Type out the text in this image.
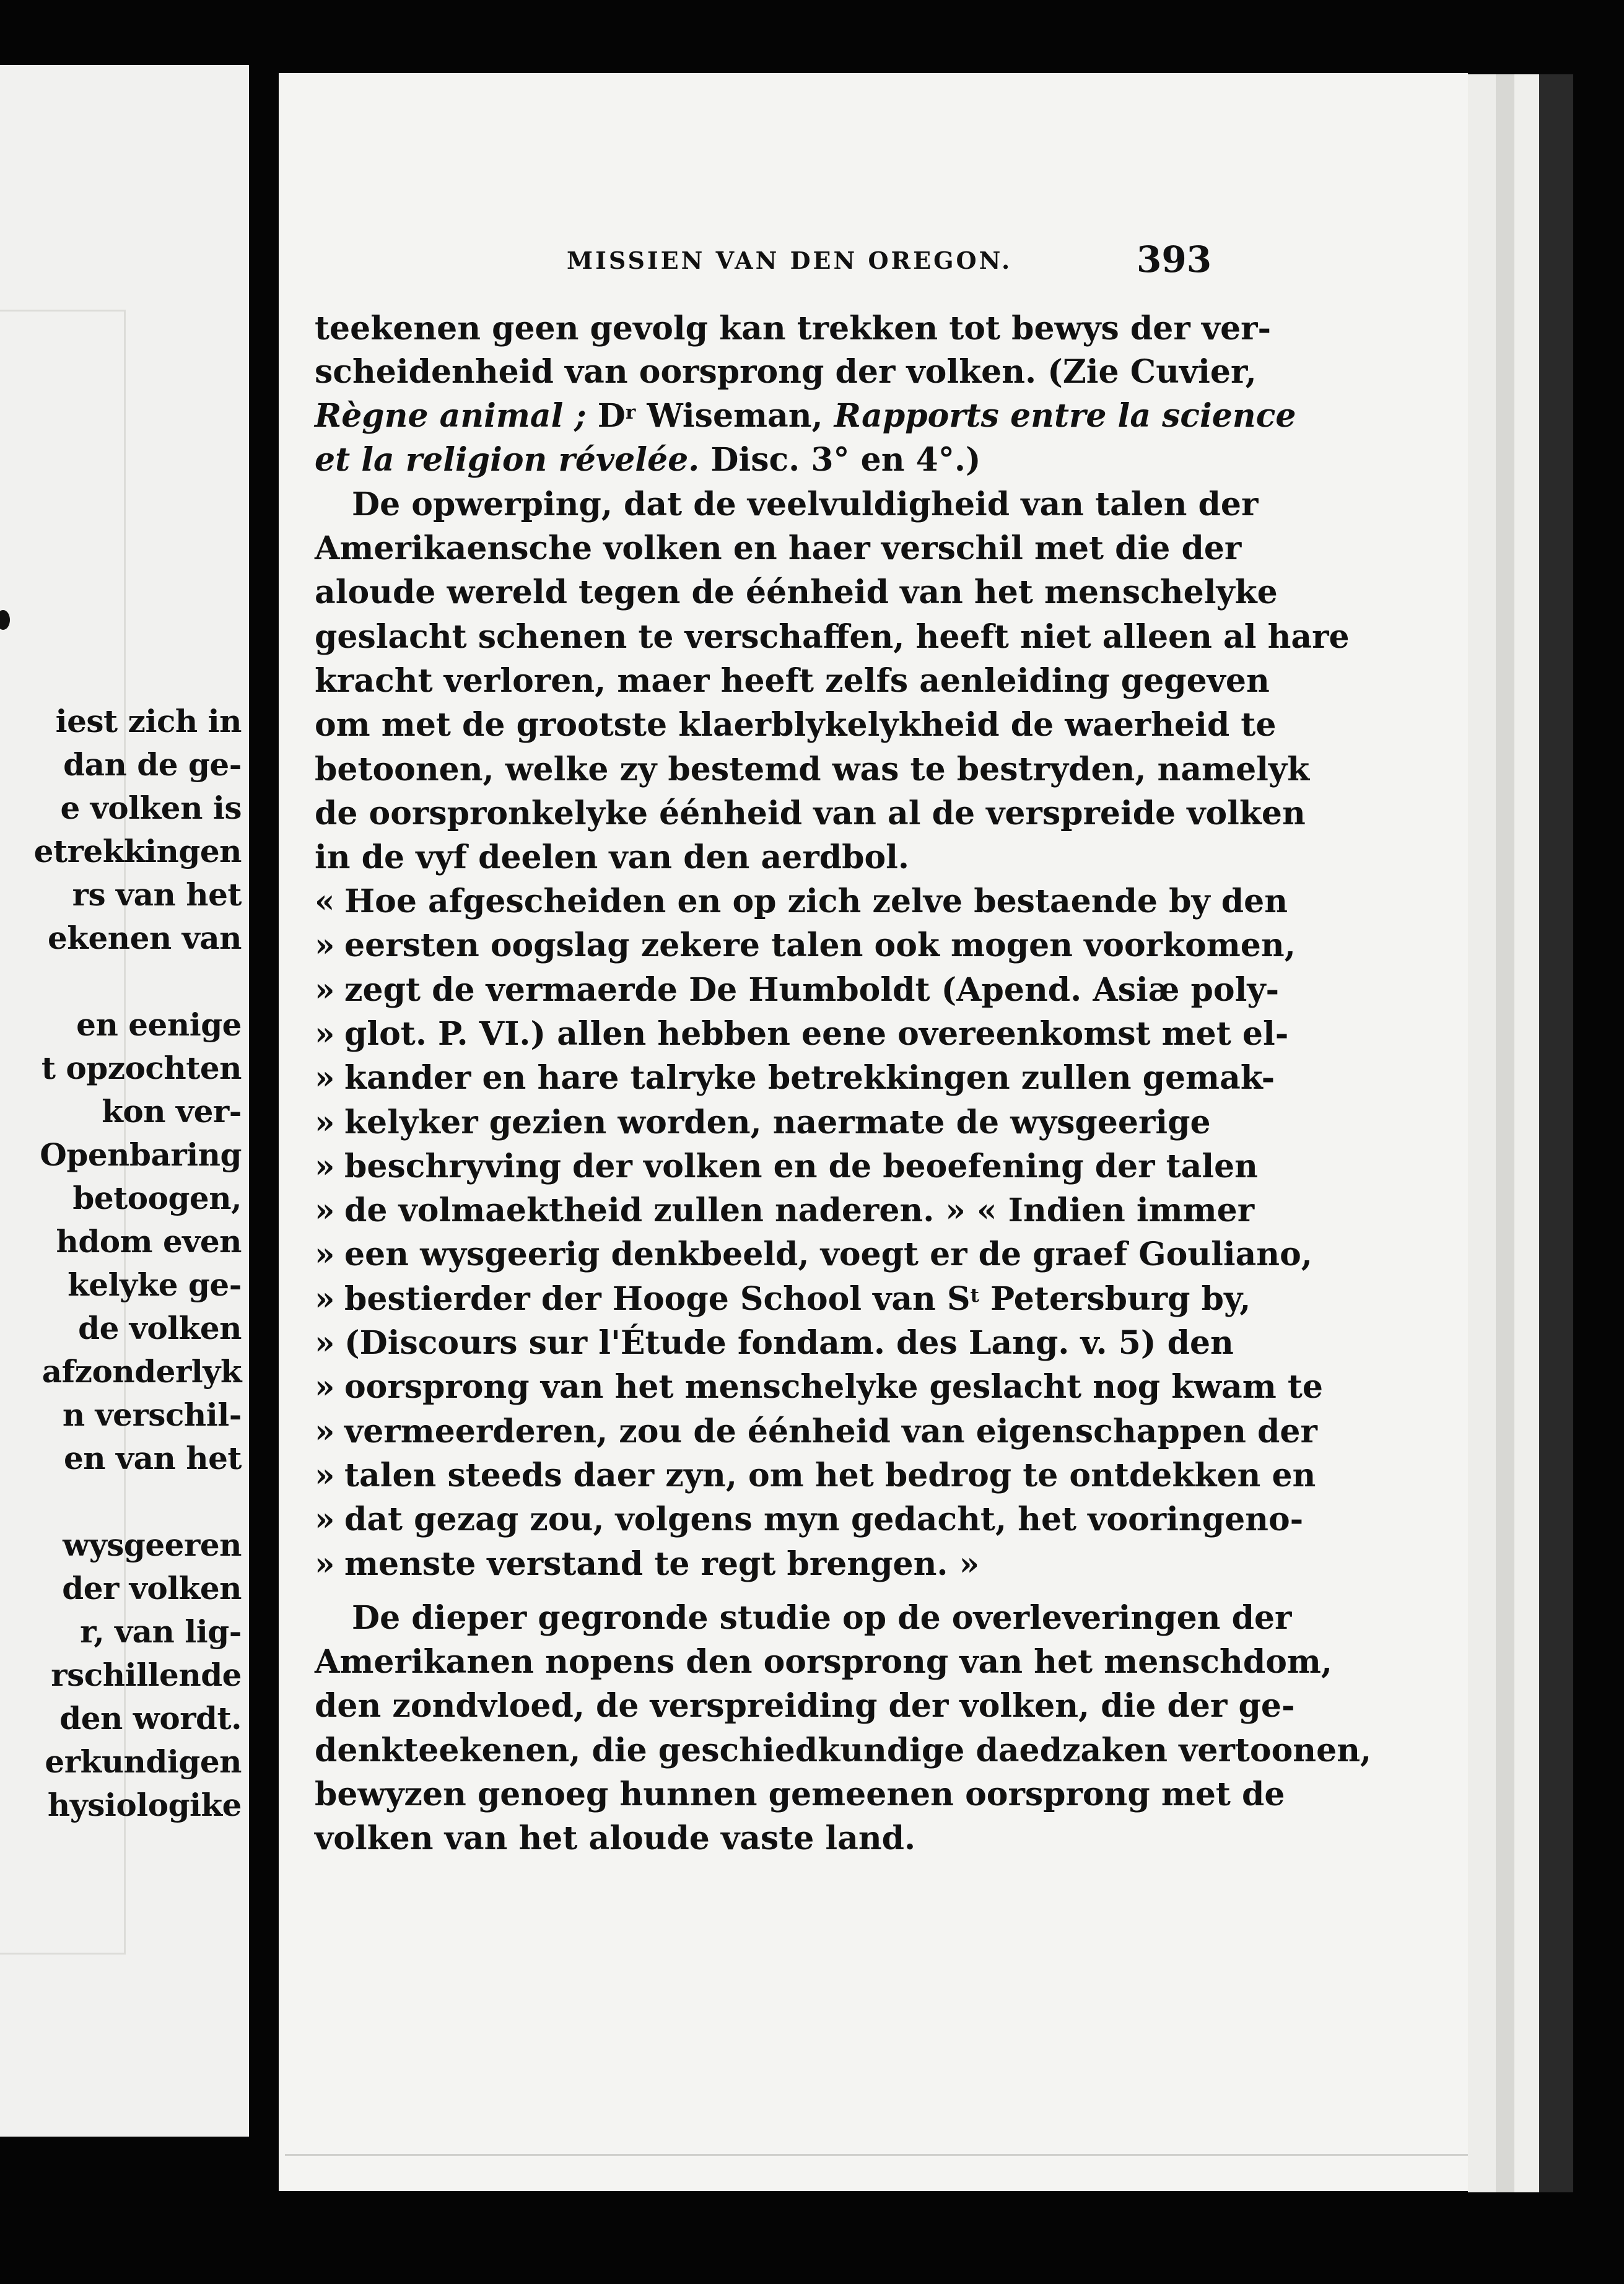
iest zich in
dan de ge-
e volken is
etrekkingen
rs van het
ekenen van
en eenige
t opzochten
kon ver-
Openbaring
betoogen,
hdom even
kelyke ge-
de volken
afzonderlyk
n verschil-
en van het
wysgeeren
der volken
r, van lig-
rschillende
den wordt.
erkundigen
hysiologike
MISSIEN VAN DEN OREGON.	393
teekenen geen gevolg kan trekken tot bewys der ver-
scheidenheid van oorsprong der volken. (Zie Cuvier,
Règne animal ; $D^r$ Wiseman, Rapports entre la science
et la religion révelée. Disc. 3° en 4°.)
De opwerping, dat de veelvuldigheid van talen der
Amerikaensche volken en haer verschil met die der
aloude wereld tegen de éénheid van het menschelyke
geslacht schenen te verschaffen, heeft niet alleen al hare
kracht verloren, maer heeft zelfs aenleiding gegeven
om met de grootste klaerblykelykheid de waerheid te
betoonen, welke zy bestemd was te bestryden, namelyk
de oorspronkelyke éénheid van al de verspreide volken
in de vyf deelen van den aerdbol.
« Hoe afgescheiden en op zich zelve bestaende by den
» eersten oogslag zekere talen ook mogen voorkomen,
» zegt de vermaerde De Humboldt (Apend. Asiæ poly-
» glot. P. VI.) allen hebben eene overeenkomst met el-
» kander en hare talryke betrekkingen zullen gemak-
» kelyker gezien worden, naermate de wysgeerige
» beschryving der volken en de beoefening der talen
» de volmaektheid zullen naderen. » « Indien immer
» een wysgeerig denkbeeld, voegt er de graef Gouliano,
» bestierder der Hooge School van $S^t$ Petersburg by,
» (Discours sur l'Étude fondam. des Lang. v. 5) den
» oorsprong van het menschelyke geslacht nog kwam te
» vermeerderen, zou de éénheid van eigenschappen der
» talen steeds daer zyn, om het bedrog te ontdekken en
» dat gezag zou, volgens myn gedacht, het vooringeno-
» menste verstand te regt brengen. »
De dieper gegronde studie op de overleveringen der
Amerikanen nopens den oorsprong van het menschdom,
den zondvloed, de verspreiding der volken, die der ge-
denkteekenen, die geschiedkundige daedzaken vertoonen,
bewyzen genoeg hunnen gemeenen oorsprong met de
volken van het aloude vaste land.
